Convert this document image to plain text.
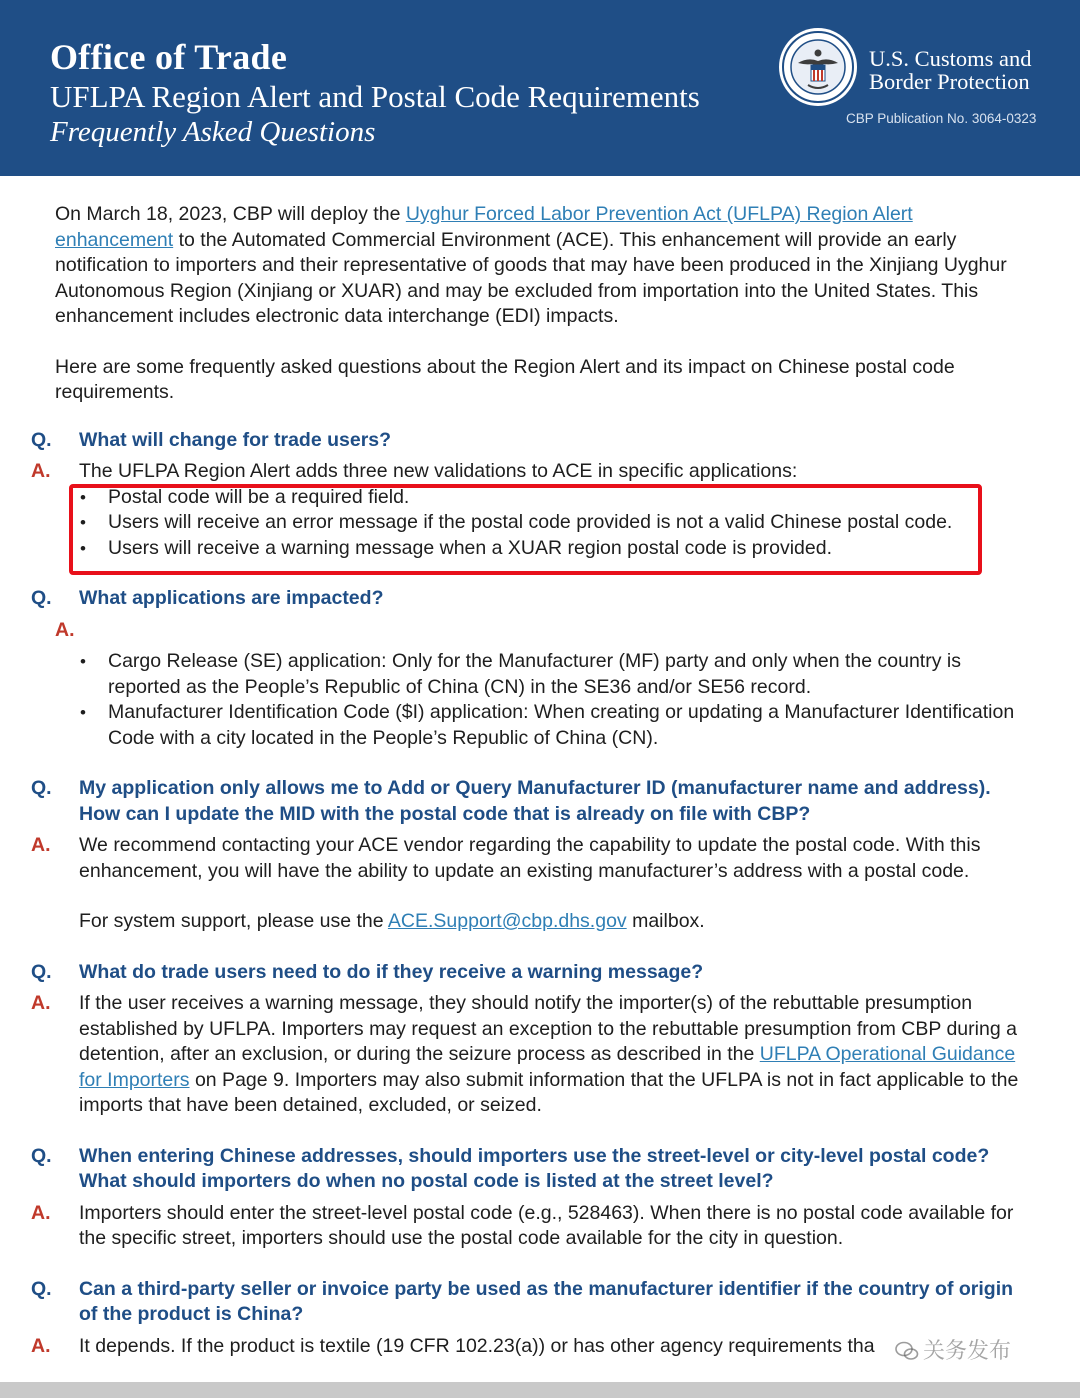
Office of Trade
UFLPA Region Alert and Postal Code Requirements
Frequently Asked Questions
U.S. Customs and
Border Protection
CBP Publication No. 3064-0323

On March 18, 2023, CBP will deploy the Uyghur Forced Labor Prevention Act (UFLPA) Region Alert enhancement to the Automated Commercial Environment (ACE). This enhancement will provide an early notification to importers and their representative of goods that may have been produced in the Xinjiang Uyghur Autonomous Region (Xinjiang or XUAR) and may be excluded from importation into the United States. This enhancement includes electronic data interchange (EDI) impacts.

Here are some frequently asked questions about the Region Alert and its impact on Chinese postal code requirements.

Q. What will change for trade users?

A. The UFLPA Region Alert adds three new validations to ACE in specific applications:

• Postal code will be a required field.
• Users will receive an error message if the postal code provided is not a valid Chinese postal code.
• Users will receive a warning message when a XUAR region postal code is provided.

Q. What applications are impacted?

A.

• Cargo Release (SE) application: Only for the Manufacturer (MF) party and only when the country is reported as the People’s Republic of China (CN) in the SE36 and/or SE56 record.
• Manufacturer Identification Code ($I) application: When creating or updating a Manufacturer Identification Code with a city located in the People’s Republic of China (CN).

Q. My application only allows me to Add or Query Manufacturer ID (manufacturer name and address). How can I update the MID with the postal code that is already on file with CBP?

A. We recommend contacting your ACE vendor regarding the capability to update the postal code. With this enhancement, you will have the ability to update an existing manufacturer’s address with a postal code.

For system support, please use the ACE.Support@cbp.dhs.gov mailbox.

Q. What do trade users need to do if they receive a warning message?

A. If the user receives a warning message, they should notify the importer(s) of the rebuttable presumption established by UFLPA. Importers may request an exception to the rebuttable presumption from CBP during a detention, after an exclusion, or during the seizure process as described in the UFLPA Operational Guidance for Importers on Page 9. Importers may also submit information that the UFLPA is not in fact applicable to the imports that have been detained, excluded, or seized.

Q. When entering Chinese addresses, should importers use the street-level or city-level postal code? What should importers do when no postal code is listed at the street level?

A. Importers should enter the street-level postal code (e.g., 528463). When there is no postal code available for the specific street, importers should use the postal code available for the city in question.

Q. Can a third-party seller or invoice party be used as the manufacturer identifier if the country of origin of the product is China?

A. It depends. If the product is textile (19 CFR 102.23(a)) or has other agency requirements tha	关务发布
